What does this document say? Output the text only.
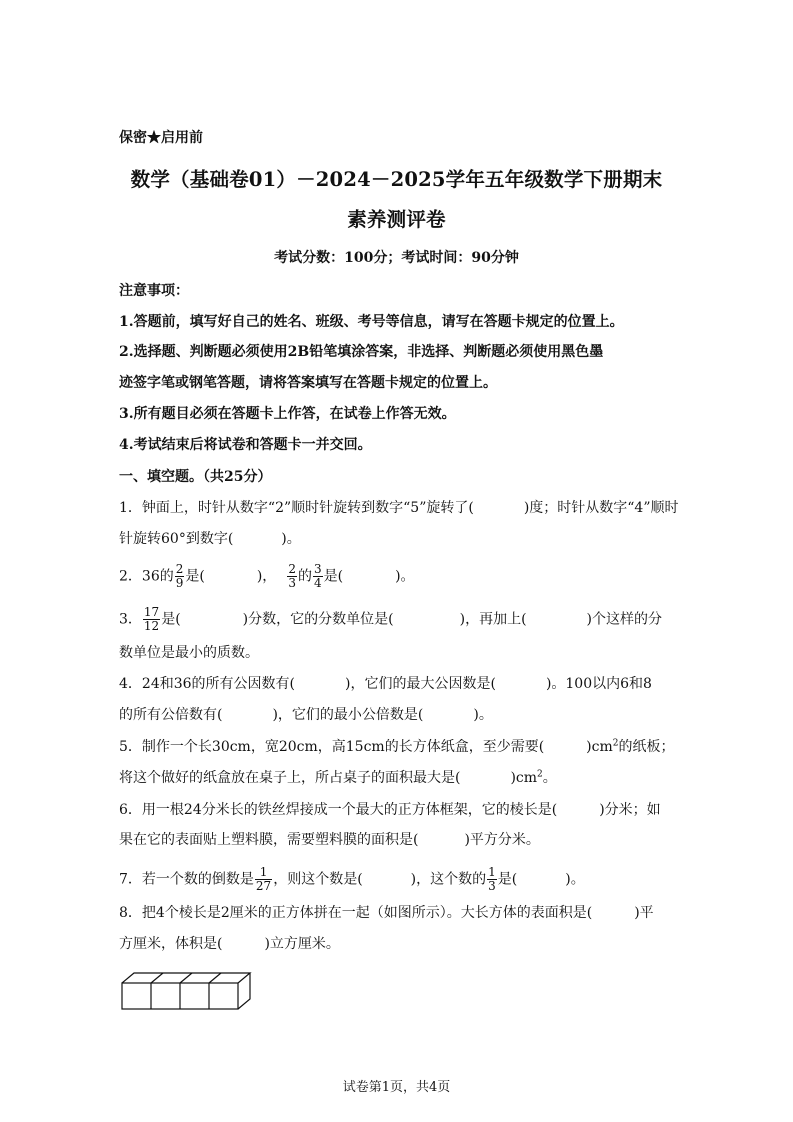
保密★启用前
数学（基础卷01）－2024－2025学年五年级数学下册期末
素养测评卷
考试分数：100分；考试时间：90分钟
注意事项：
1.答题前，填写好自己的姓名、班级、考号等信息，请写在答题卡规定的位置上。
2.选择题、判断题必须使用2B铅笔填涂答案，非选择、判断题必须使用黑色墨
迹签字笔或钢笔答题，请将答案填写在答题卡规定的位置上。
3.所有题目必须在答题卡上作答，在试卷上作答无效。
4.考试结束后将试卷和答题卡一并交回。
一、填空题。（共25分）
1．钟面上，时针从数字“2”顺时针旋转到数字“5”旋转了(	)度；时针从数字“4”顺时
针旋转60°到数字(	)。
2．36的 $\frac{2}{9}$ 是(	)， $\frac{2}{3}$ 的 $\frac{3}{4}$ 是(	)。
3． $\frac{17}{12}$ 是(	)分数，它的分数单位是(	)，再加上(	)个这样的分
数单位是最小的质数。
4．24和36的所有公因数有(	)，它们的最大公因数是(	)。100以内6和8
的所有公倍数有(	)，它们的最小公倍数是(	)。
5．制作一个长30cm，宽20cm，高15cm的长方体纸盒，至少需要(	)$cm^2$的纸板；
将这个做好的纸盒放在桌子上，所占桌子的面积最大是(	)$cm^2$。
6．用一根24分米长的铁丝焊接成一个最大的正方体框架，它的棱长是(	)分米；如
果在它的表面贴上塑料膜，需要塑料膜的面积是(	)平方分米。
7．若一个数的倒数是 $\frac{1}{27}$ ，则这个数是(	)，这个数的 $\frac{1}{3}$ 是(	)。
8．把4个棱长是2厘米的正方体拼在一起（如图所示）。大长方体的表面积是(	)平
方厘米，体积是(	)立方厘米。
试卷第1页，共4页
